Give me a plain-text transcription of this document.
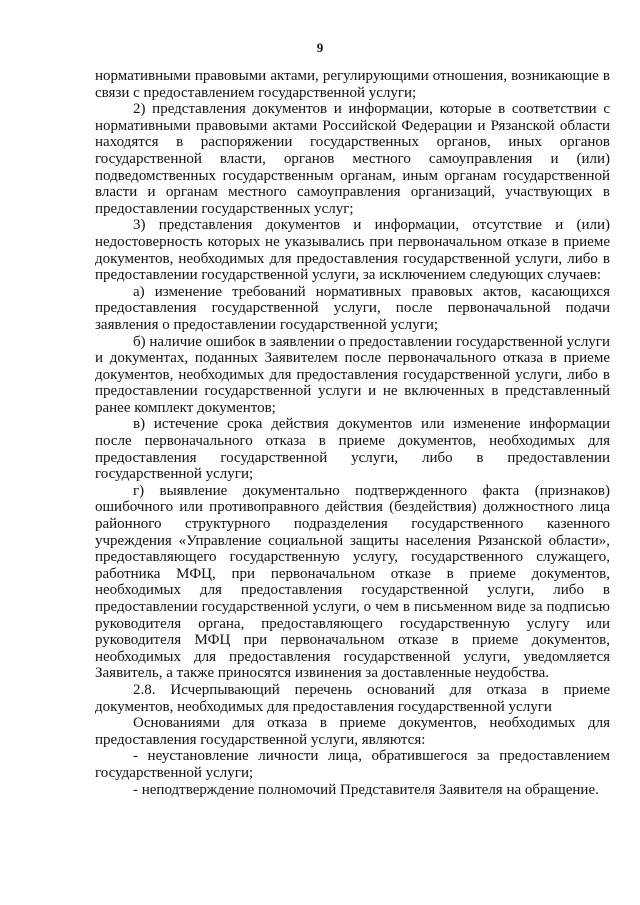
9
нормативными правовыми актами, регулирующими отношения, возникающие в
связи с предоставлением государственной услуги;
2) представления документов и информации, которые в соответствии с
нормативными правовыми актами Российской Федерации и Рязанской области
находятся в распоряжении государственных органов, иных органов
государственной власти, органов местного самоуправления и (или)
подведомственных государственным органам, иным органам государственной
власти и органам местного самоуправления организаций, участвующих в
предоставлении государственных услуг;
3) представления документов и информации, отсутствие и (или)
недостоверность которых не указывались при первоначальном отказе в приеме
документов, необходимых для предоставления государственной услуги, либо в
предоставлении государственной услуги, за исключением следующих случаев:
а) изменение требований нормативных правовых актов, касающихся
предоставления государственной услуги, после первоначальной подачи
заявления о предоставлении государственной услуги;
б) наличие ошибок в заявлении о предоставлении государственной услуги
и документах, поданных Заявителем после первоначального отказа в приеме
документов, необходимых для предоставления государственной услуги, либо в
предоставлении государственной услуги и не включенных в представленный
ранее комплект документов;
в) истечение срока действия документов или изменение информации
после первоначального отказа в приеме документов, необходимых для
предоставления государственной услуги, либо в предоставлении
государственной услуги;
г) выявление документально подтвержденного факта (признаков)
ошибочного или противоправного действия (бездействия) должностного лица
районного структурного подразделения государственного казенного
учреждения «Управление социальной защиты населения Рязанской области»,
предоставляющего государственную услугу, государственного служащего,
работника МФЦ, при первоначальном отказе в приеме документов,
необходимых для предоставления государственной услуги, либо в
предоставлении государственной услуги, о чем в письменном виде за подписью
руководителя органа, предоставляющего государственную услугу или
руководителя МФЦ при первоначальном отказе в приеме документов,
необходимых для предоставления государственной услуги, уведомляется
Заявитель, а также приносятся извинения за доставленные неудобства.
2.8. Исчерпывающий перечень оснований для отказа в приеме
документов, необходимых для предоставления государственной услуги
Основаниями для отказа в приеме документов, необходимых для
предоставления государственной услуги, являются:
- неустановление личности лица, обратившегося за предоставлением
государственной услуги;
- неподтверждение полномочий Представителя Заявителя на обращение.
